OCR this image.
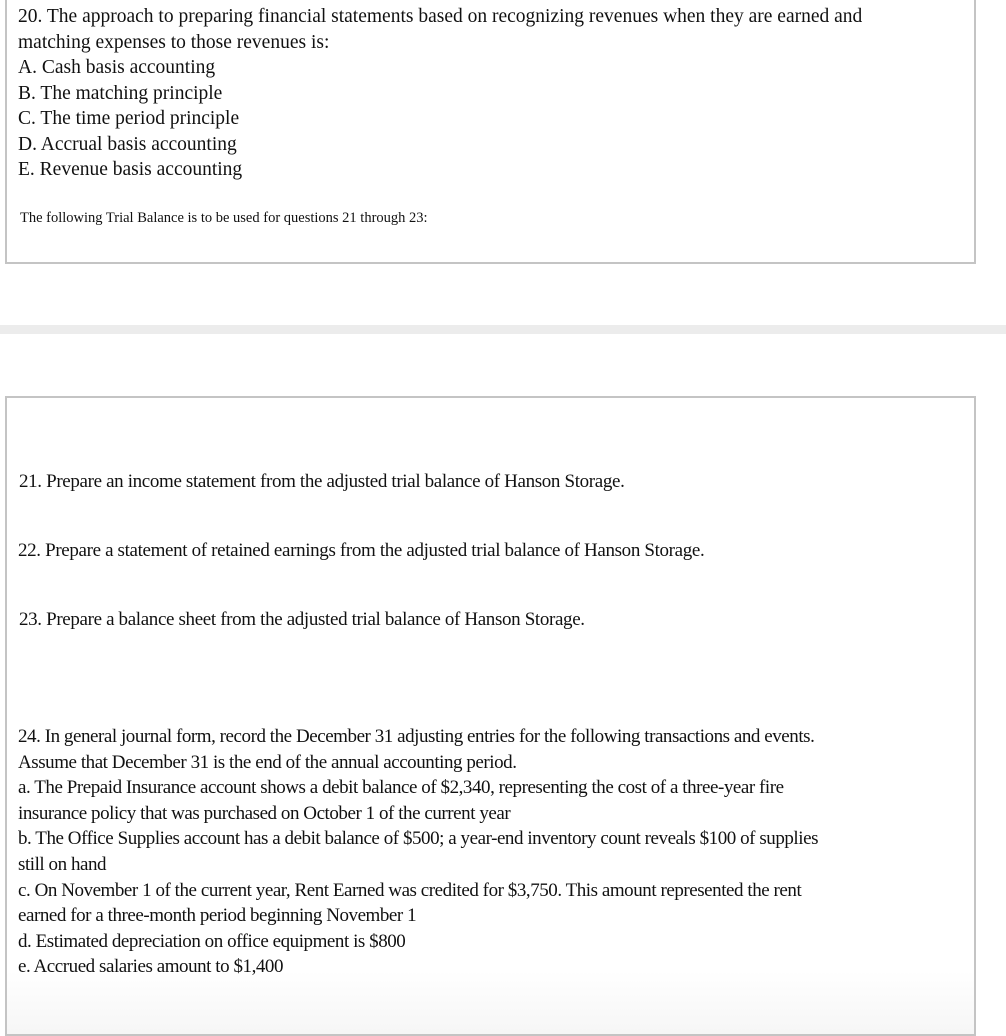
20. The approach to preparing financial statements based on recognizing revenues when they are earned and
matching expenses to those revenues is:
A. Cash basis accounting
B. The matching principle
C. The time period principle
D. Accrual basis accounting
E. Revenue basis accounting
The following Trial Balance is to be used for questions 21 through 23:
21. Prepare an income statement from the adjusted trial balance of Hanson Storage.
22. Prepare a statement of retained earnings from the adjusted trial balance of Hanson Storage.
23. Prepare a balance sheet from the adjusted trial balance of Hanson Storage.
24. In general journal form, record the December 31 adjusting entries for the following transactions and events.
Assume that December 31 is the end of the annual accounting period.
a. The Prepaid Insurance account shows a debit balance of $2,340, representing the cost of a three-year fire
insurance policy that was purchased on October 1 of the current year
b. The Office Supplies account has a debit balance of $500; a year-end inventory count reveals $100 of supplies
still on hand
c. On November 1 of the current year, Rent Earned was credited for $3,750. This amount represented the rent
earned for a three-month period beginning November 1
d. Estimated depreciation on office equipment is $800
e. Accrued salaries amount to $1,400
